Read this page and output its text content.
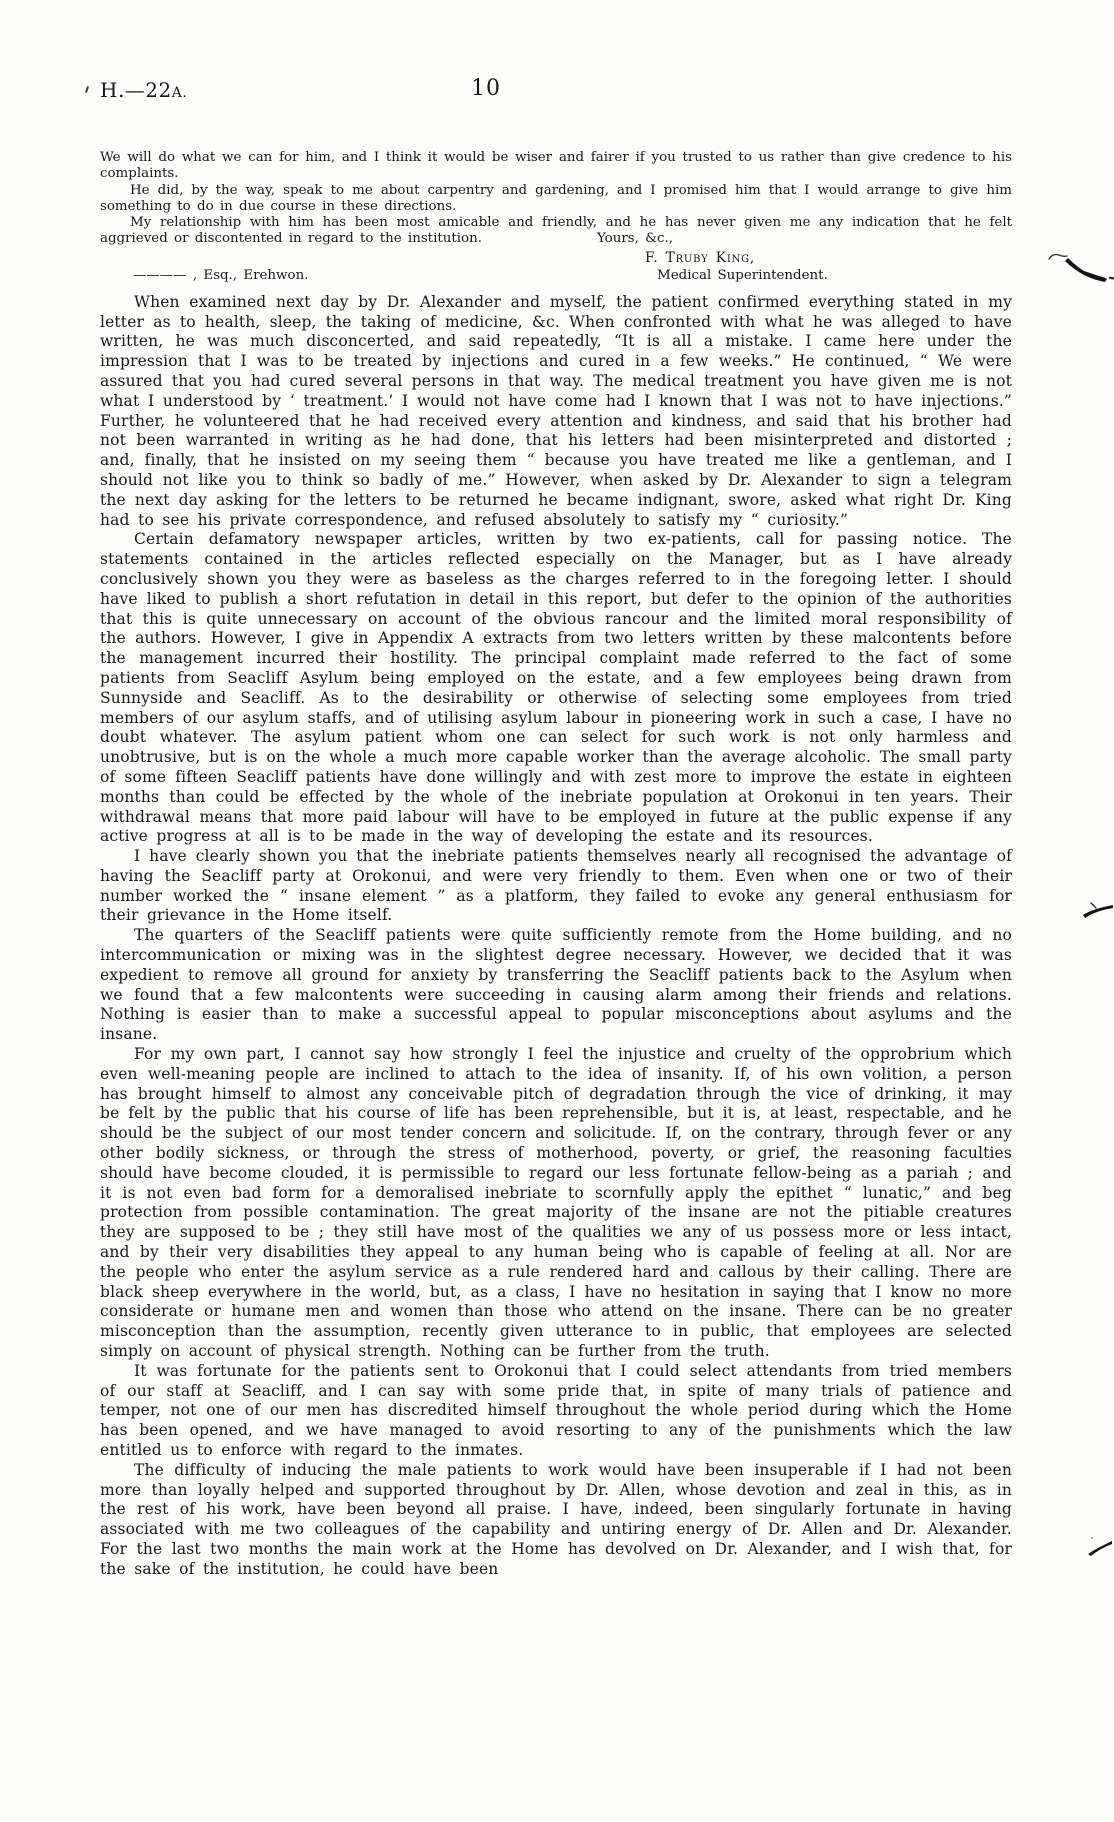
H.—22A.	10

We will do what we can for him, and I think it would be wiser and fairer if you trusted to us rather than give credence to his complaints.

He did, by the way, speak to me about carpentry and gardening, and I promised him that I would arrange to give him something to do in due course in these directions.

My relationship with him has been most amicable and friendly, and he has never given me any indication that he felt aggrieved or discontented in regard to the institution.	Yours, &c.,

F. Truby King,
———— , Esq., Erehwon.	Medical Superintendent.

When examined next day by Dr. Alexander and myself, the patient confirmed everything stated in my letter as to health, sleep, the taking of medicine, &c. When confronted with what he was alleged to have written, he was much disconcerted, and said repeatedly, “It is all a mistake. I came here under the impression that I was to be treated by injections and cured in a few weeks.” He continued, “ We were assured that you had cured several persons in that way. The medical treatment you have given me is not what I understood by ‘ treatment.’ I would not have come had I known that I was not to have injections.” Further, he volunteered that he had received every attention and kindness, and said that his brother had not been warranted in writing as he had done, that his letters had been misinterpreted and distorted ; and, finally, that he insisted on my seeing them “ because you have treated me like a gentleman, and I should not like you to think so badly of me.” However, when asked by Dr. Alexander to sign a telegram the next day asking for the letters to be returned he became indignant, swore, asked what right Dr. King had to see his private correspondence, and refused absolutely to satisfy my “ curiosity.”

Certain defamatory newspaper articles, written by two ex-patients, call for passing notice. The statements contained in the articles reflected especially on the Manager, but as I have already conclusively shown you they were as baseless as the charges referred to in the foregoing letter. I should have liked to publish a short refutation in detail in this report, but defer to the opinion of the authorities that this is quite unnecessary on account of the obvious rancour and the limited moral responsibility of the authors. However, I give in Appendix A extracts from two letters written by these malcontents before the management incurred their hostility. The principal complaint made referred to the fact of some patients from Seacliff Asylum being employed on the estate, and a few employees being drawn from Sunnyside and Seacliff. As to the desirability or otherwise of selecting some employees from tried members of our asylum staffs, and of utilising asylum labour in pioneering work in such a case, I have no doubt whatever. The asylum patient whom one can select for such work is not only harmless and unobtrusive, but is on the whole a much more capable worker than the average alcoholic. The small party of some fifteen Seacliff patients have done willingly and with zest more to improve the estate in eighteen months than could be effected by the whole of the inebriate population at Orokonui in ten years. Their withdrawal means that more paid labour will have to be employed in future at the public expense if any active progress at all is to be made in the way of developing the estate and its resources.

I have clearly shown you that the inebriate patients themselves nearly all recognised the advantage of having the Seacliff party at Orokonui, and were very friendly to them. Even when one or two of their number worked the “ insane element ” as a platform, they failed to evoke any general enthusiasm for their grievance in the Home itself.

The quarters of the Seacliff patients were quite sufficiently remote from the Home building, and no intercommunication or mixing was in the slightest degree necessary. However, we decided that it was expedient to remove all ground for anxiety by transferring the Seacliff patients back to the Asylum when we found that a few malcontents were succeeding in causing alarm among their friends and relations. Nothing is easier than to make a successful appeal to popular misconceptions about asylums and the insane.

For my own part, I cannot say how strongly I feel the injustice and cruelty of the opprobrium which even well-meaning people are inclined to attach to the idea of insanity. If, of his own volition, a person has brought himself to almost any conceivable pitch of degradation through the vice of drinking, it may be felt by the public that his course of life has been reprehensible, but it is, at least, respectable, and he should be the subject of our most tender concern and solicitude. If, on the contrary, through fever or any other bodily sickness, or through the stress of motherhood, poverty, or grief, the reasoning faculties should have become clouded, it is permissible to regard our less fortunate fellow-being as a pariah ; and it is not even bad form for a demoralised inebriate to scornfully apply the epithet “ lunatic,” and beg protection from possible contamination. The great majority of the insane are not the pitiable creatures they are supposed to be ; they still have most of the qualities we any of us possess more or less intact, and by their very disabilities they appeal to any human being who is capable of feeling at all. Nor are the people who enter the asylum service as a rule rendered hard and callous by their calling. There are black sheep everywhere in the world, but, as a class, I have no hesitation in saying that I know no more considerate or humane men and women than those who attend on the insane. There can be no greater misconception than the assumption, recently given utterance to in public, that employees are selected simply on account of physical strength. Nothing can be further from the truth.

It was fortunate for the patients sent to Orokonui that I could select attendants from tried members of our staff at Seacliff, and I can say with some pride that, in spite of many trials of patience and temper, not one of our men has discredited himself throughout the whole period during which the Home has been opened, and we have managed to avoid resorting to any of the punishments which the law entitled us to enforce with regard to the inmates.

The difficulty of inducing the male patients to work would have been insuperable if I had not been more than loyally helped and supported throughout by Dr. Allen, whose devotion and zeal in this, as in the rest of his work, have been beyond all praise. I have, indeed, been singularly fortunate in having associated with me two colleagues of the capability and untiring energy of Dr. Allen and Dr. Alexander. For the last two months the main work at the Home has devolved on Dr. Alexander, and I wish that, for the sake of the institution, he could have been
